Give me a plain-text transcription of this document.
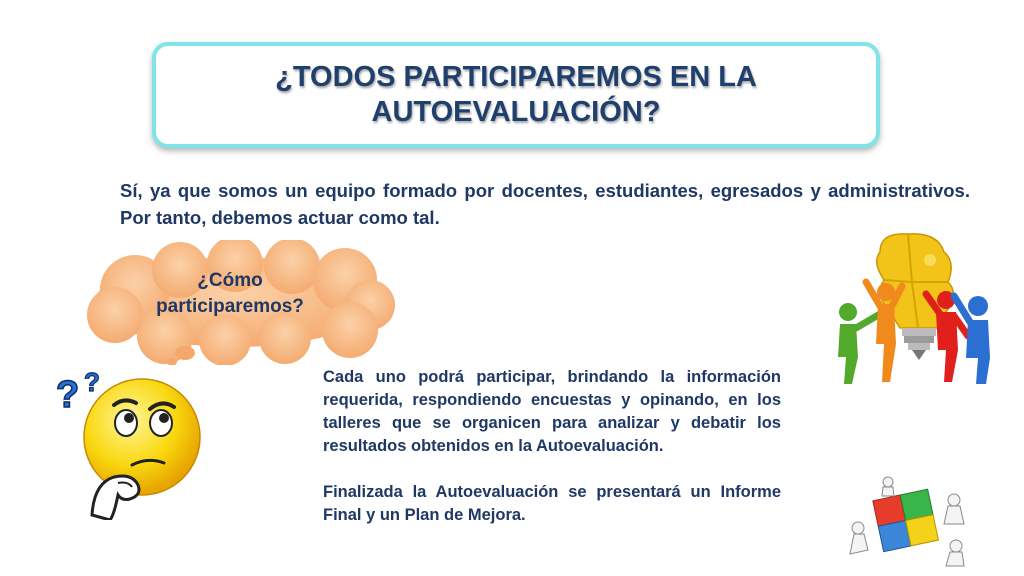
¿TODOS PARTICIPAREMOS EN LA
AUTOEVALUACIÓN?

Sí, ya que somos un equipo formado por docentes, estudiantes, egresados y administrativos. Por tanto, debemos actuar como tal.

¿Cómo
participaremos?
? ?	Cada uno podrá participar, brindando la información requerida, respondiendo encuestas y opinando, en los talleres que se organicen para analizar y debatir los resultados obtenidos en la Autoevaluación.

Finalizada la Autoevaluación se presentará un Informe Final y un Plan de Mejora.
